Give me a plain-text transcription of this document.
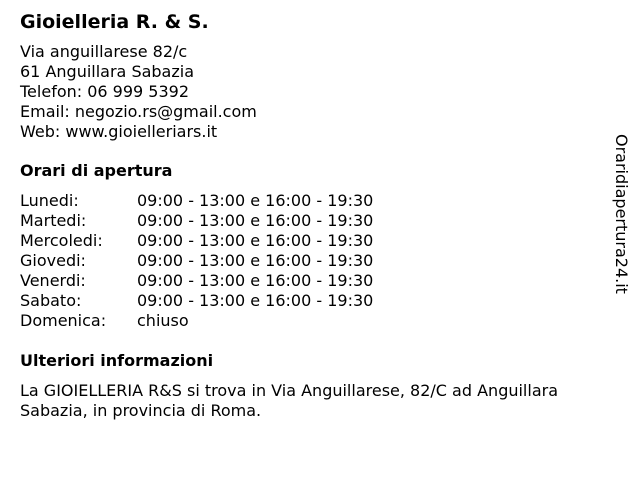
Gioielleria R. & S.
Via anguillarese 82/c
61 Anguillara Sabazia
Telefon: 06 999 5392
Email: negozio.rs@gmail.com
Web: www.gioielleriars.it
Orari di apertura
Lunedi:	09:00 - 13:00 e 16:00 - 19:30
Martedi:	09:00 - 13:00 e 16:00 - 19:30
Mercoledi: 09:00 - 13:00 e 16:00 - 19:30
Giovedi:	09:00 - 13:00 e 16:00 - 19:30
Venerdi:	09:00 - 13:00 e 16:00 - 19:30
Sabato:	09:00 - 13:00 e 16:00 - 19:30
Domenica: chiuso
Ulteriori informazioni

La GIOIELLERIA R&S si trova in Via Anguillarese, 82/C ad Anguillara Sabazia, in provincia di Roma.

Oraridiapertura24.it
